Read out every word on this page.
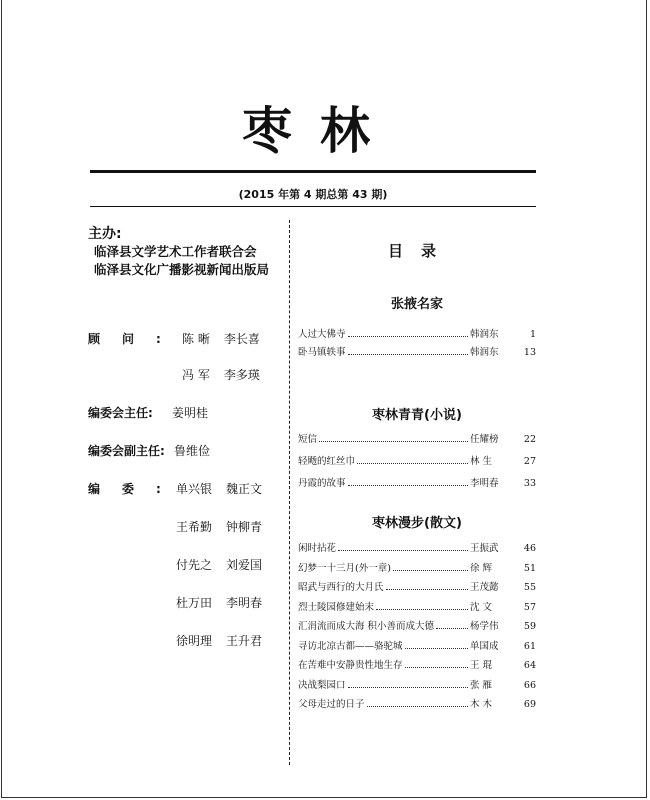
枣林
(2015 年第 4 期总第 43 期)
主办:
临泽县文学艺术工作者联合会
临泽县文化广播影视新闻出版局
顾问: 陈 晰 李长喜
冯 军 李多瑛
编委会主任: 姜明桂
编委会副主任: 鲁维俭
编委:
单兴银 魏正文
王希勤 钟柳青
付先之 刘爱国
杜万田 李明春
徐明理 王升君
目录
张掖名家
人过大佛寺	韩润东	1
卧马镇轶事	韩润东	13
枣林青青(小说)
短信	任耀榜	22
轻飏的红丝巾	林 生	27
丹霞的故事	李明春	33
枣林漫步(散文)
闲时拈花	王振武	46
幻梦一十三月(外一章)	徐 辉	51
昭武与西行的大月氏	王茂懿	55
烈士陵园修建始末	沈 文	57
汇涓流而成大海 积小善而成大德	杨学伟	59
寻访北凉古都——骆驼城	单国成	61
在苦难中安静贵性地生存	王 琨	64
决战梨园口	张 雁	66
父母走过的日子	木 木	69
